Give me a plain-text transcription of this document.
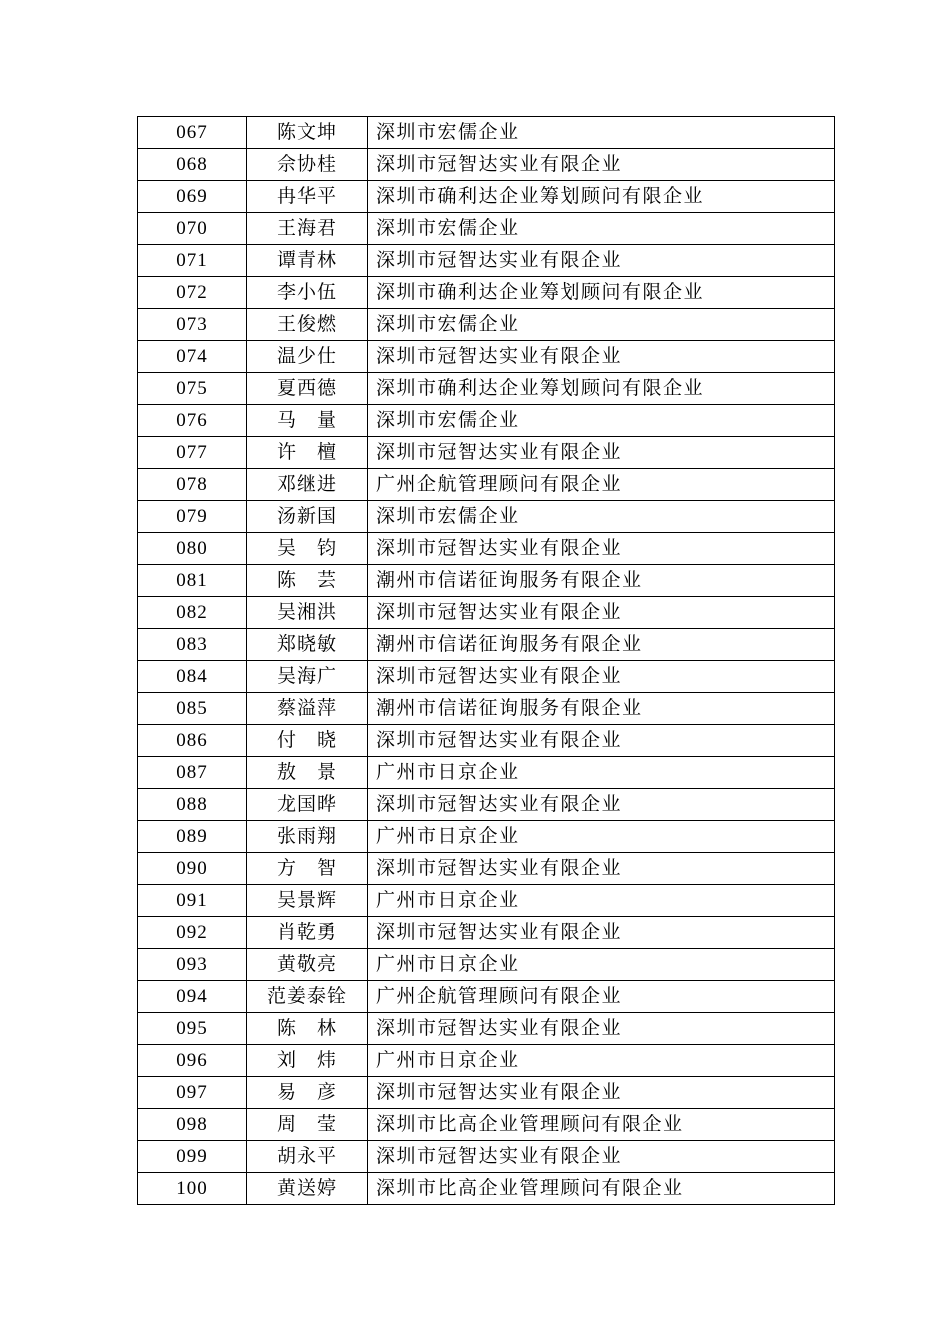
067	陈文坤	深圳市宏儒企业
068	佘协桂	深圳市冠智达实业有限企业
069	冉华平	深圳市确利达企业筹划顾问有限企业
070	王海君	深圳市宏儒企业
071	谭青林	深圳市冠智达实业有限企业
072	李小伍	深圳市确利达企业筹划顾问有限企业
073	王俊燃	深圳市宏儒企业
074	温少仕	深圳市冠智达实业有限企业
075	夏西德	深圳市确利达企业筹划顾问有限企业
076	马　量	深圳市宏儒企业
077	许　檀	深圳市冠智达实业有限企业
078	邓继进	广州企航管理顾问有限企业
079	汤新国	深圳市宏儒企业
080	吴　钧	深圳市冠智达实业有限企业
081	陈　芸	潮州市信诺征询服务有限企业
082	吴湘洪	深圳市冠智达实业有限企业
083	郑晓敏	潮州市信诺征询服务有限企业
084	吴海广	深圳市冠智达实业有限企业
085	蔡溢萍	潮州市信诺征询服务有限企业
086	付　晓	深圳市冠智达实业有限企业
087	敖　景	广州市日京企业
088	龙国晔	深圳市冠智达实业有限企业
089	张雨翔	广州市日京企业
090	方　智	深圳市冠智达实业有限企业
091	吴景辉	广州市日京企业
092	肖乾勇	深圳市冠智达实业有限企业
093	黄敬亮	广州市日京企业
094	范姜泰铨	广州企航管理顾问有限企业
095	陈　林	深圳市冠智达实业有限企业
096	刘　炜	广州市日京企业
097	易　彦	深圳市冠智达实业有限企业
098	周　莹	深圳市比高企业管理顾问有限企业
099	胡永平	深圳市冠智达实业有限企业
100	黄送婷	深圳市比高企业管理顾问有限企业
